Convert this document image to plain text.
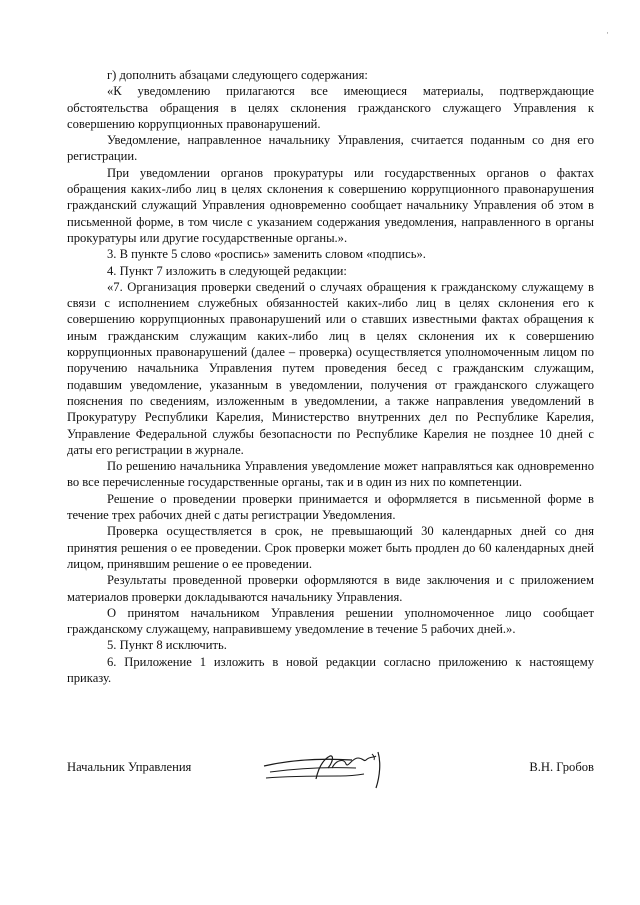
·

г) дополнить абзацами следующего содержания:

«К уведомлению прилагаются все имеющиеся материалы, подтверждающие обстоятельства обращения в целях склонения гражданского служащего Управления к совершению коррупционных правонарушений.

Уведомление, направленное начальнику Управления, считается поданным со дня его регистрации.

При уведомлении органов прокуратуры или государственных органов о фактах обращения каких-либо лиц в целях склонения к совершению коррупционного правонарушения гражданский служащий Управления одновременно сообщает начальнику Управления об этом в письменной форме, в том числе с указанием содержания уведомления, направленного в органы прокуратуры или другие государственные органы.».

3. В пункте 5 слово «роспись» заменить словом «подпись».

4. Пункт 7 изложить в следующей редакции:

«7. Организация проверки сведений о случаях обращения к гражданскому служащему в связи с исполнением служебных обязанностей каких-либо лиц в целях склонения его к совершению коррупционных правонарушений или о ставших известными фактах обращения к иным гражданским служащим каких-либо лиц в целях склонения их к совершению коррупционных правонарушений (далее – проверка) осуществляется уполномоченным лицом по поручению начальника Управления путем проведения бесед с гражданским служащим, подавшим уведомление, указанным в уведомлении, получения от гражданского служащего пояснения по сведениям, изложенным в уведомлении, а также направления уведомлений в Прокуратуру Республики Карелия, Министерство внутренних дел по Республике Карелия, Управление Федеральной службы безопасности по Республике Карелия не позднее 10 дней с даты его регистрации в журнале.

По решению начальника Управления уведомление может направляться как одновременно во все перечисленные государственные органы, так и в один из них по компетенции.

Решение о проведении проверки принимается и оформляется в письменной форме в течение трех рабочих дней с даты регистрации Уведомления.

Проверка осуществляется в срок, не превышающий 30 календарных дней со дня принятия решения о ее проведении. Срок проверки может быть продлен до 60 календарных дней лицом, принявшим решение о ее проведении.

Результаты проведенной проверки оформляются в виде заключения и с приложением материалов проверки докладываются начальнику Управления.

О принятом начальником Управления решении уполномоченное лицо сообщает гражданскому служащему, направившему уведомление в течение 5 рабочих дней.».

5. Пункт 8 исключить.

6. Приложение 1 изложить в новой редакции согласно приложению к настоящему приказу.

Начальник Управления	В.Н. Гробов
